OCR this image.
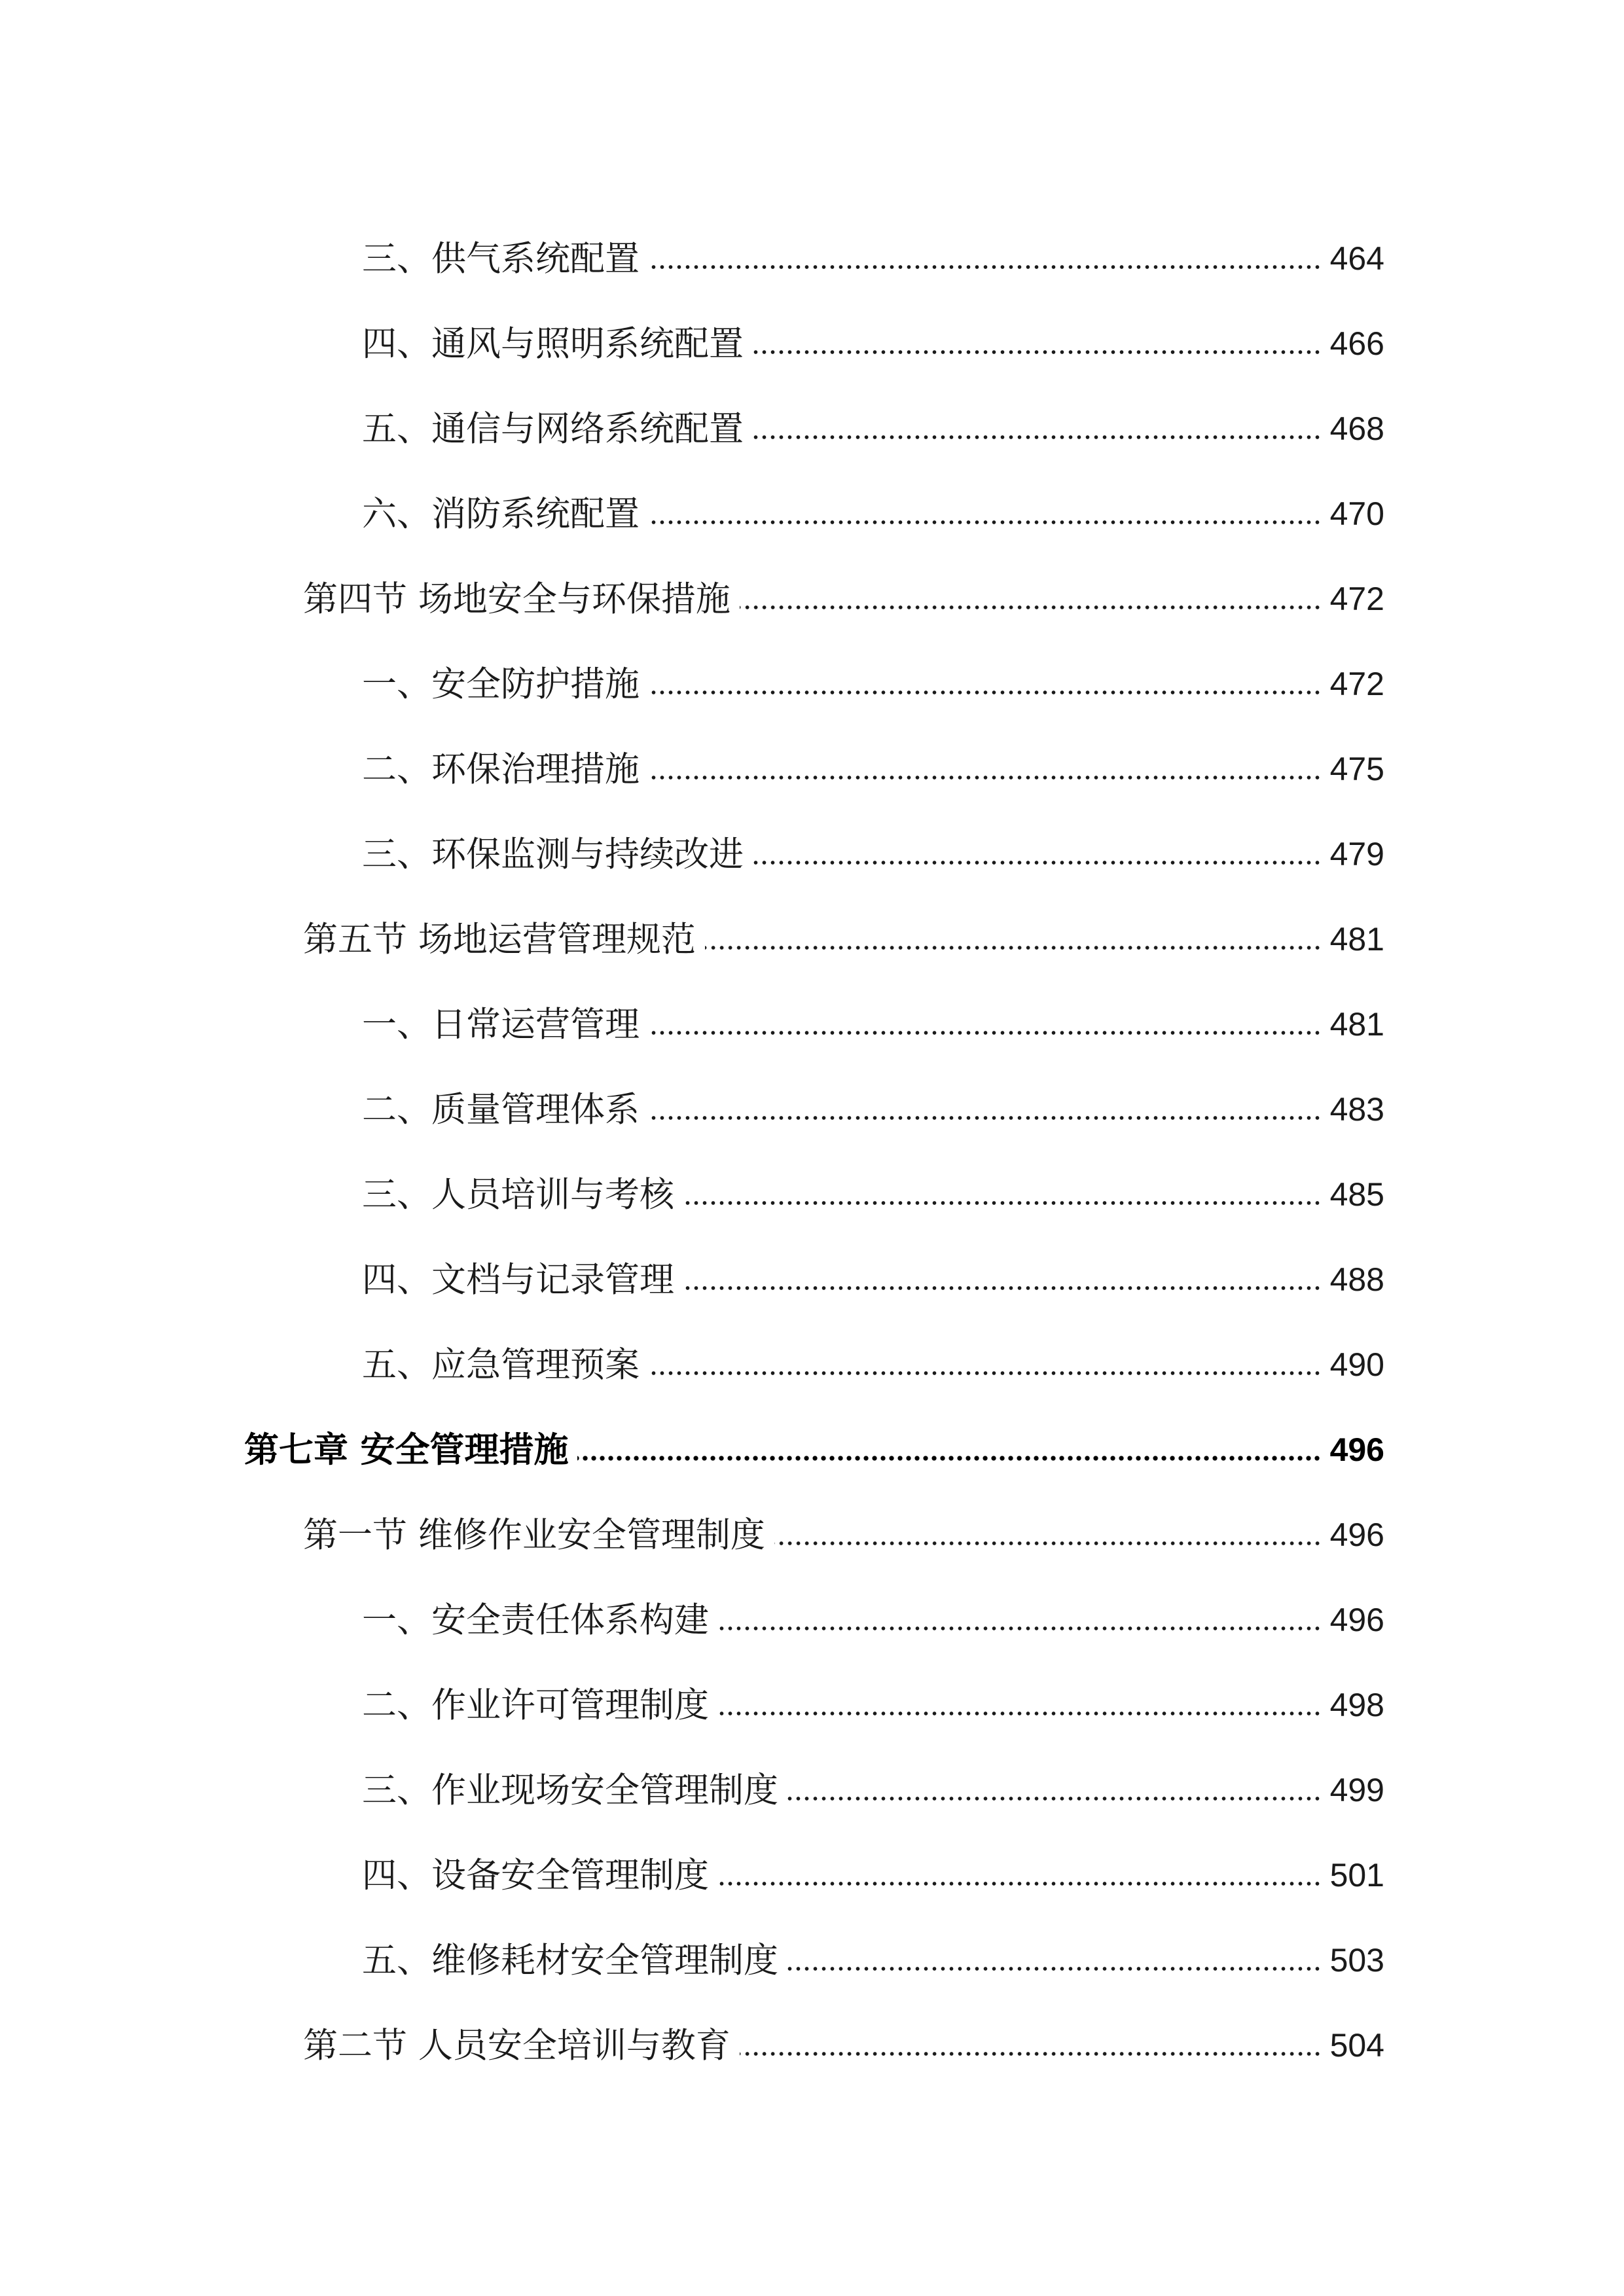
三、供气系统配置	464
四、通风与照明系统配置	466
五、通信与网络系统配置	468
六、消防系统配置	470
第四节 场地安全与环保措施	472
一、安全防护措施	472
二、环保治理措施	475
三、环保监测与持续改进	479
第五节 场地运营管理规范	481
一、日常运营管理	481
二、质量管理体系	483
三、人员培训与考核	485
四、文档与记录管理	488
五、应急管理预案	490
第七章 安全管理措施	496
第一节 维修作业安全管理制度	496
一、安全责任体系构建	496
二、作业许可管理制度	498
三、作业现场安全管理制度	499
四、设备安全管理制度	501
五、维修耗材安全管理制度	503
第二节 人员安全培训与教育	504
